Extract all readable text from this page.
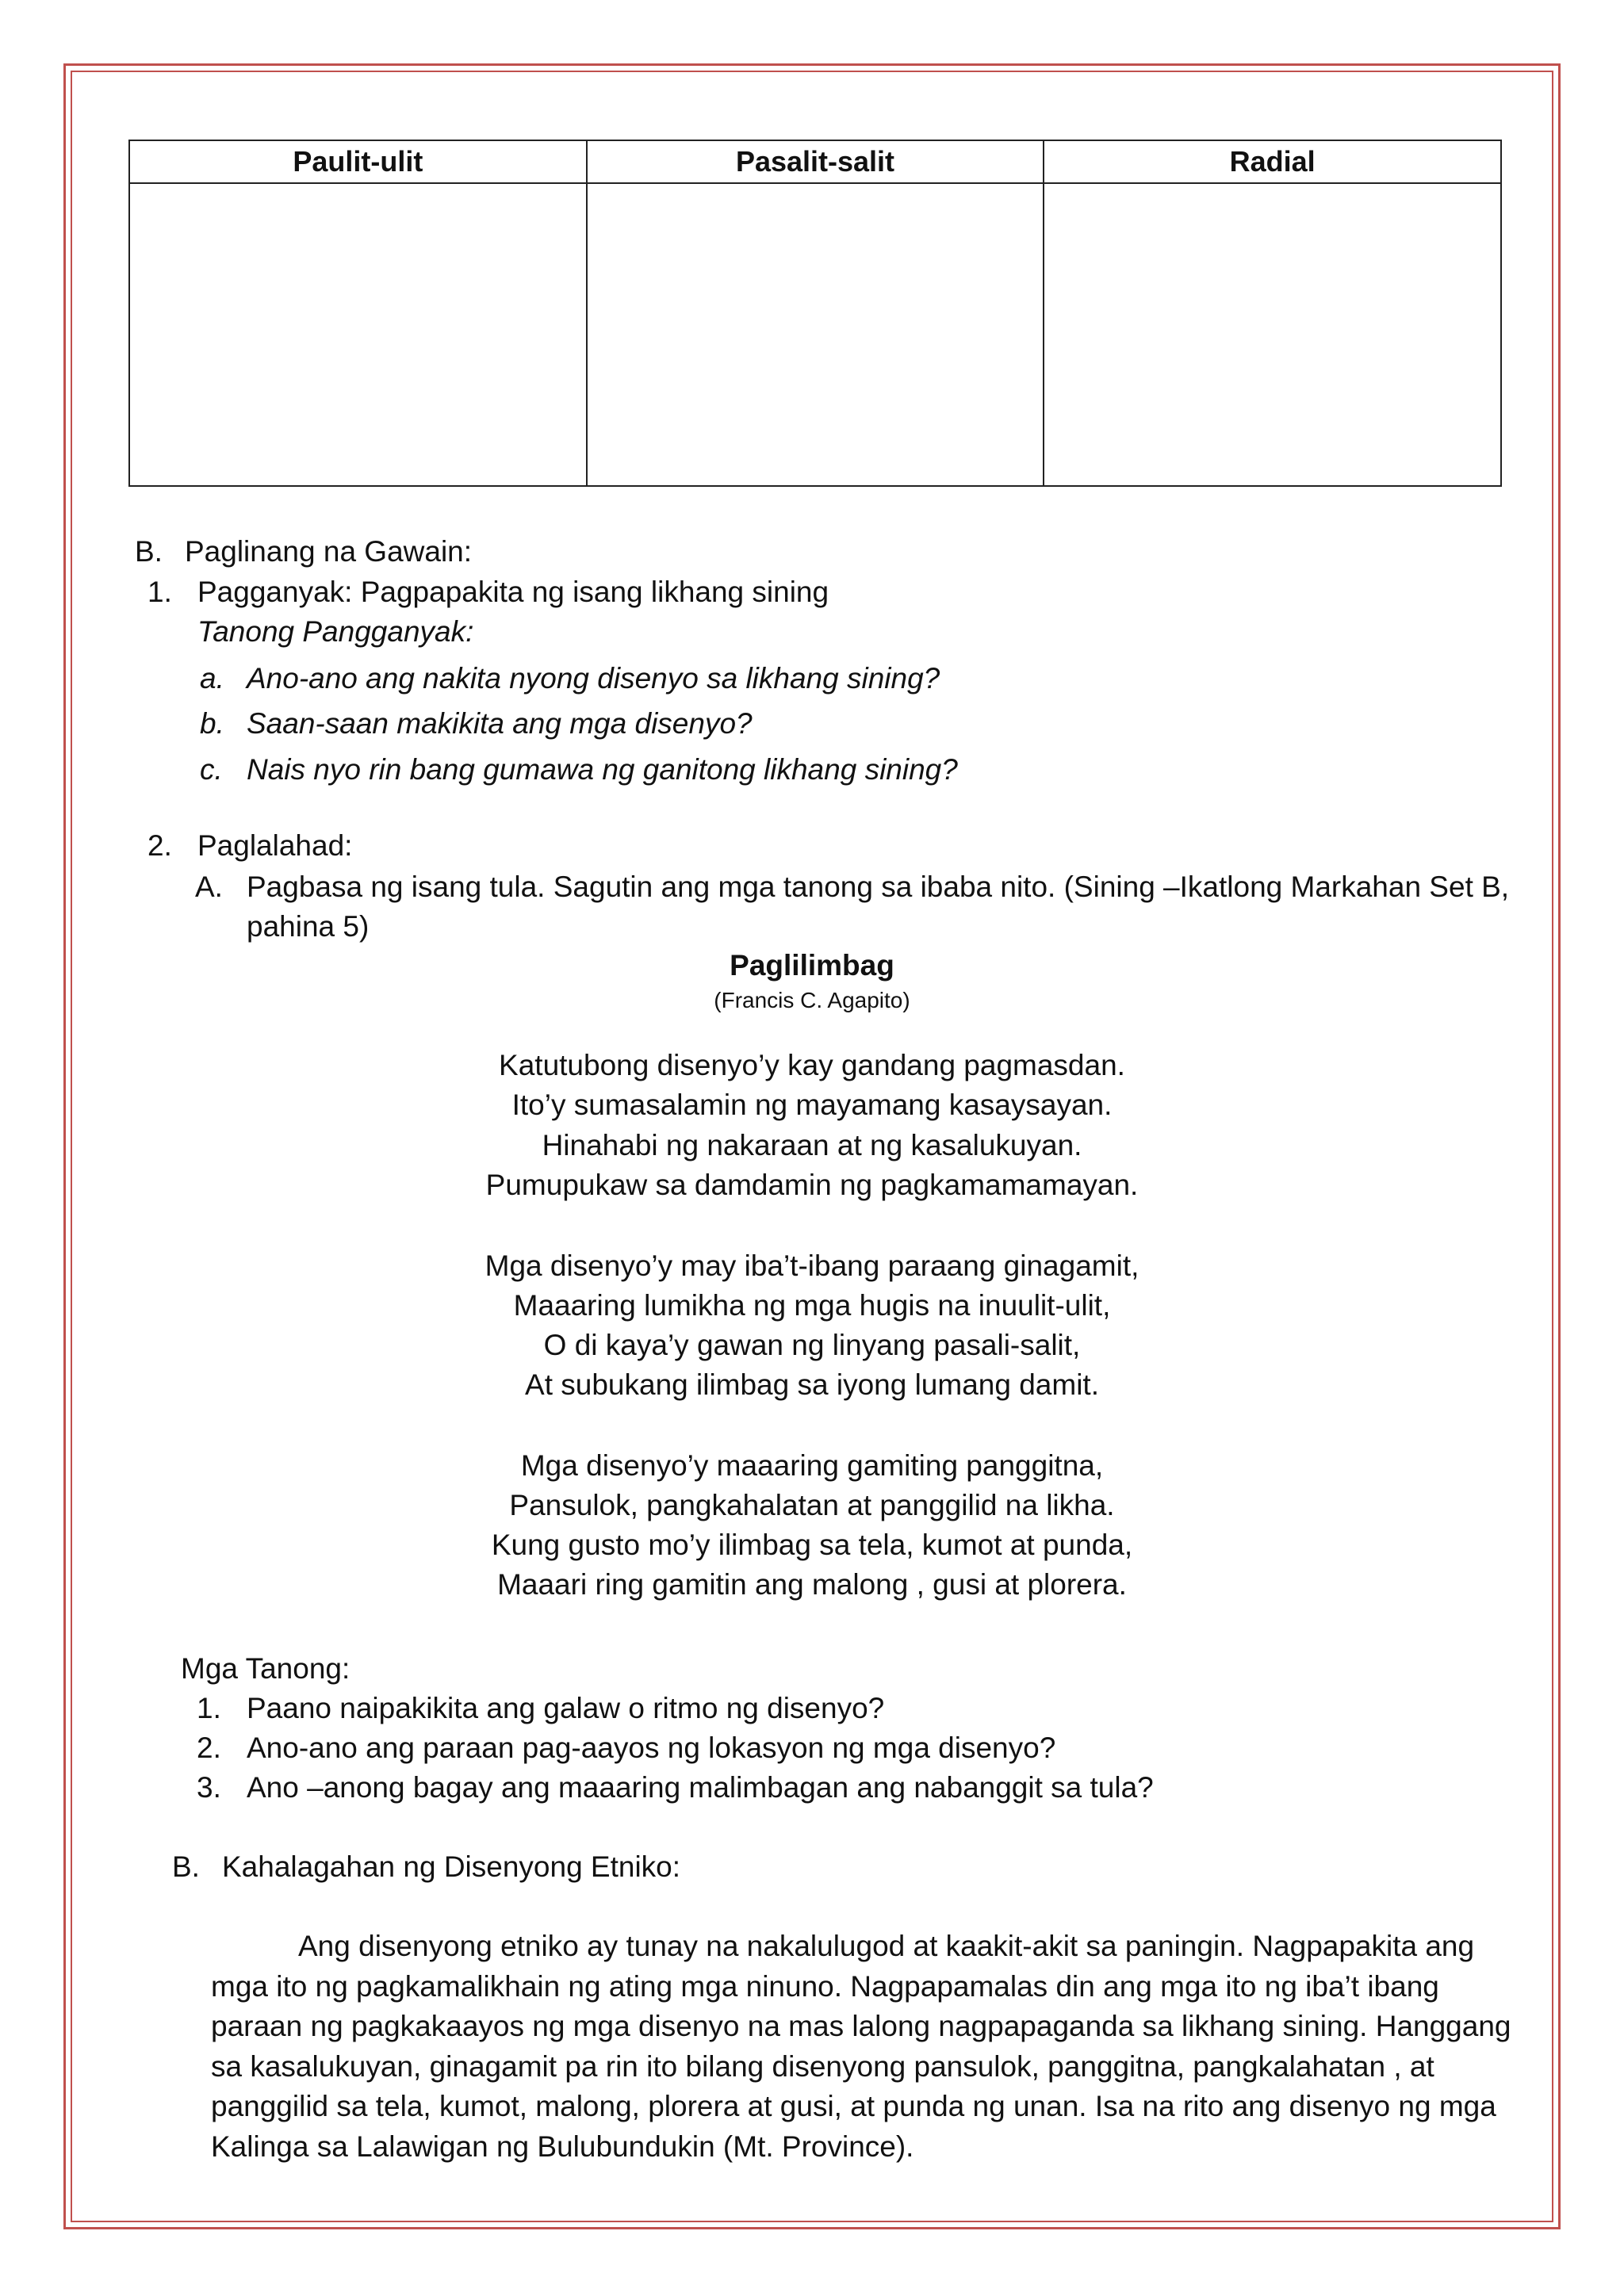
Paulit-ulit	Pasalit-salit	Radial

B. Paglinang na Gawain:
1. Pagganyak: Pagpapakita ng isang likhang sining
Tanong Pangganyak:
a. Ano-ano ang nakita nyong disenyo sa likhang sining?
b. Saan-saan makikita ang mga disenyo?
c. Nais nyo rin bang gumawa ng ganitong likhang sining?
2. Paglalahad:
A. Pagbasa ng isang tula. Sagutin ang mga tanong sa ibaba nito. (Sining –Ikatlong Markahan Set B,
pahina 5)
Paglilimbag
(Francis C. Agapito)
Katutubong disenyo’y kay gandang pagmasdan.
Ito’y sumasalamin ng mayamang kasaysayan.
Hinahabi ng nakaraan at ng kasalukuyan.
Pumupukaw sa damdamin ng pagkamamamayan.
Mga disenyo’y may iba’t-ibang paraang ginagamit,
Maaaring lumikha ng mga hugis na inuulit-ulit,
O di kaya’y gawan ng linyang pasali-salit,
At subukang ilimbag sa iyong lumang damit.
Mga disenyo’y maaaring gamiting panggitna,
Pansulok, pangkahalatan at panggilid na likha.
Kung gusto mo’y ilimbag sa tela, kumot at punda,
Maaari ring gamitin ang malong , gusi at plorera.
Mga Tanong:
1. Paano naipakikita ang galaw o ritmo ng disenyo?
2. Ano-ano ang paraan pag-aayos ng lokasyon ng mga disenyo?
3. Ano –anong bagay ang maaaring malimbagan ang nabanggit sa tula?
B. Kahalagahan ng Disenyong Etniko:
Ang disenyong etniko ay tunay na nakalulugod at kaakit-akit sa paningin. Nagpapakita ang mga ito ng pagkamalikhain ng ating mga ninuno. Nagpapamalas din ang mga ito ng iba’t ibang paraan ng pagkakaayos ng mga disenyo na mas lalong nagpapaganda sa likhang sining. Hanggang sa kasalukuyan, ginagamit pa rin ito bilang disenyong pansulok, panggitna, pangkalahatan , at panggilid sa tela, kumot, malong, plorera at gusi, at punda ng unan. Isa na rito ang disenyo ng mga Kalinga sa Lalawigan ng Bulubundukin (Mt. Province).
